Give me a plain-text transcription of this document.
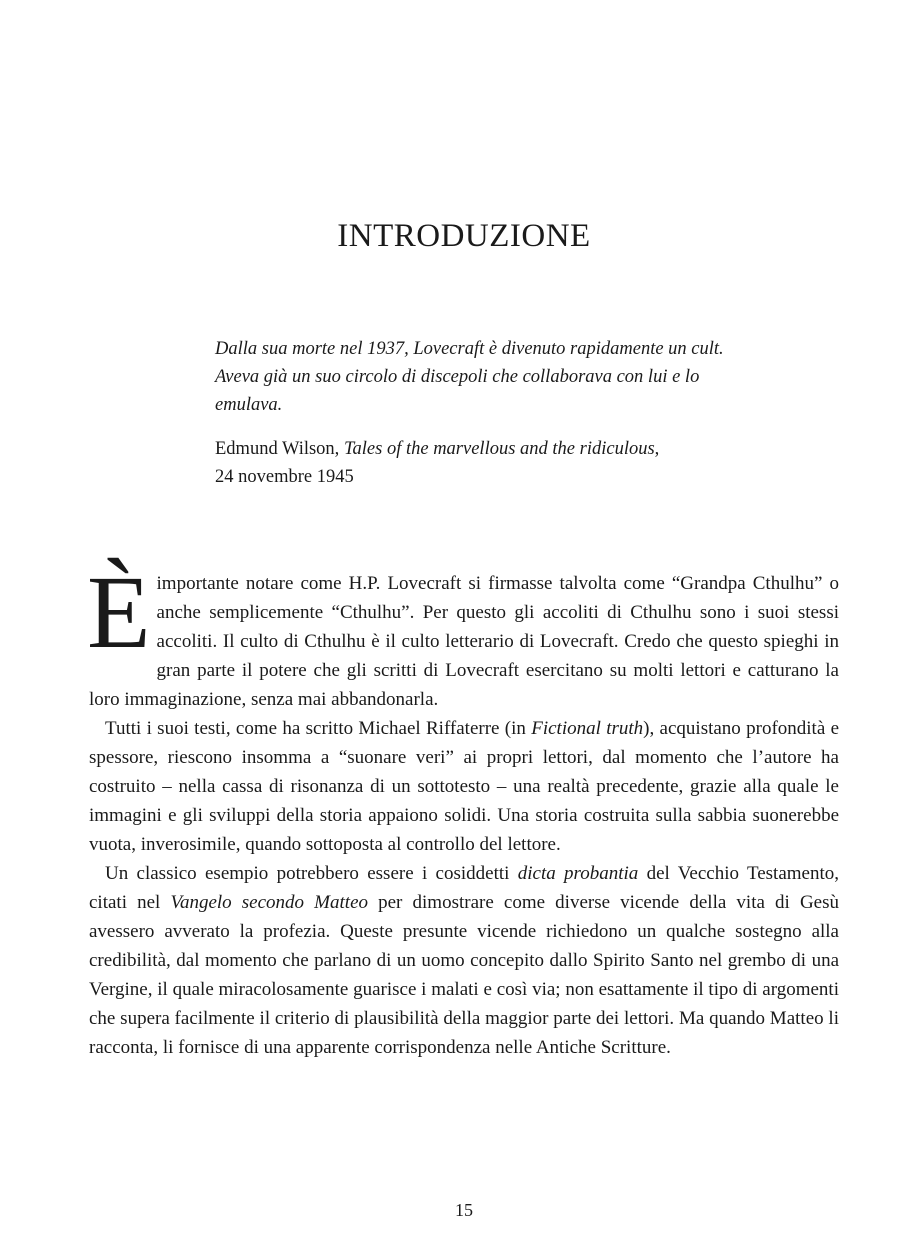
INTRODUZIONE

Dalla sua morte nel 1937, Lovecraft è divenuto rapidamente un cult. Aveva già un suo circolo di discepoli che collaborava con lui e lo emulava.

Edmund Wilson, Tales of the marvellous and the ridiculous,
24 novembre 1945

Èimportante notare come H.P. Lovecraft si firmasse talvolta come “Grandpa Cthulhu” o anche semplicemente “Cthulhu”. Per questo gli accoliti di Cthulhu sono i suoi stessi accoliti. Il culto di Cthulhu è il culto letterario di Lovecraft. Credo che questo spieghi in gran parte il potere che gli scritti di Lovecraft esercitano su molti lettori e catturano la loro immaginazione, senza mai abbandonarla.

Tutti i suoi testi, come ha scritto Michael Riffaterre (in Fictional truth), acquistano profondità e spessore, riescono insomma a “suonare veri” ai propri lettori, dal momento che l’autore ha costruito – nella cassa di risonanza di un sottotesto – una realtà precedente, grazie alla quale le immagini e gli sviluppi della storia appaiono solidi. Una storia costruita sulla sabbia suonerebbe vuota, inverosimile, quando sottoposta al controllo del lettore.

Un classico esempio potrebbero essere i cosiddetti dicta probantia del Vecchio Testamento, citati nel Vangelo secondo Matteo per dimostrare come diverse vicende della vita di Gesù avessero avverato la profezia. Queste presunte vicende richiedono un qualche sostegno alla credibilità, dal momento che parlano di un uomo concepito dallo Spirito Santo nel grembo di una Vergine, il quale miracolosamente guarisce i malati e così via; non esattamente il tipo di argomenti che supera facilmente il criterio di plausibilità della maggior parte dei lettori. Ma quando Matteo li racconta, li fornisce di una apparente corrispondenza nelle Antiche Scritture.

15
